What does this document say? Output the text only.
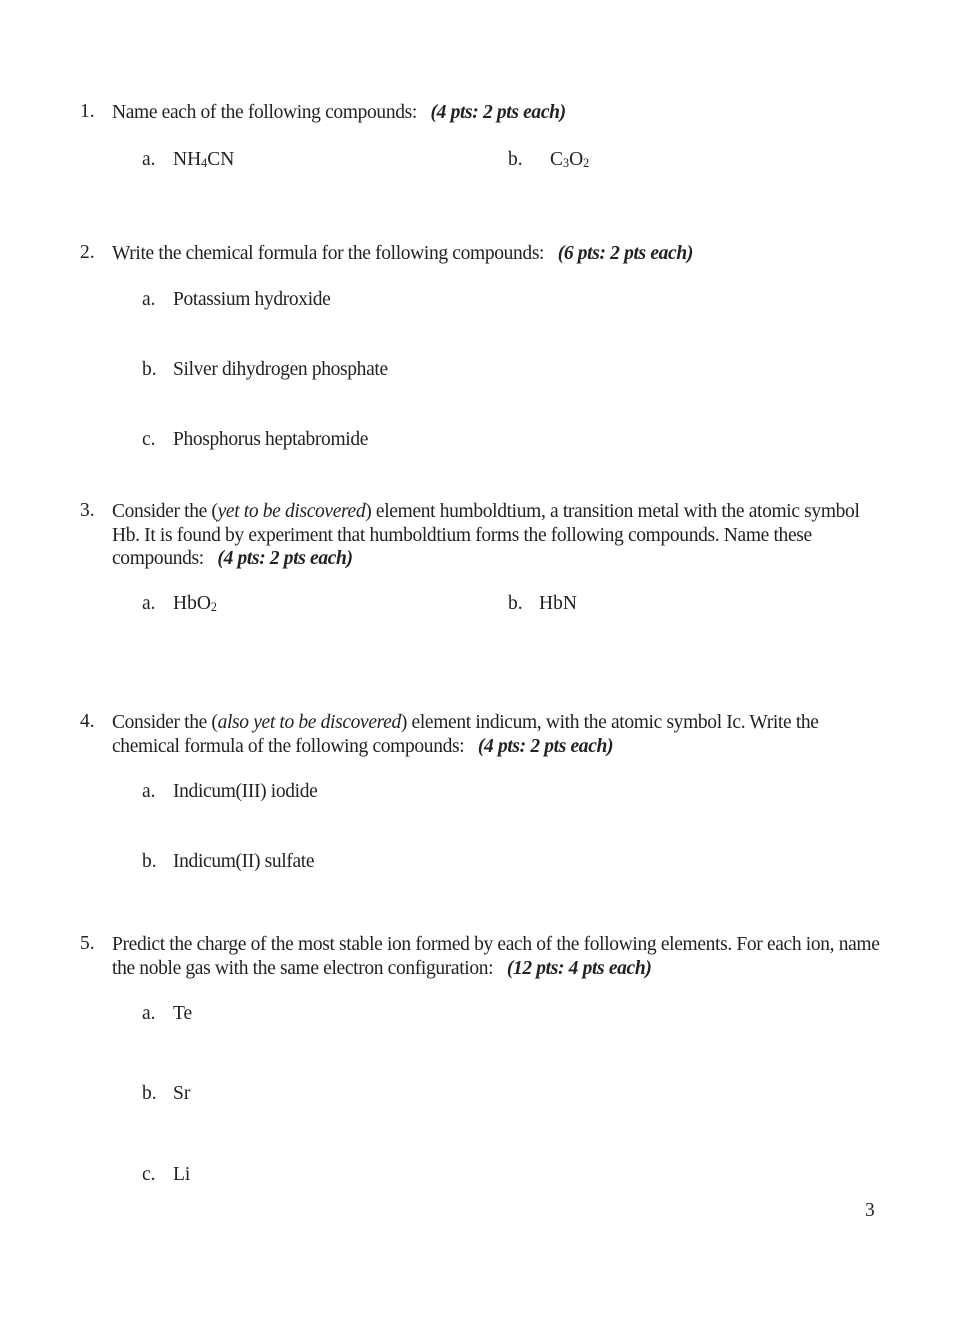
1. Name each of the following compounds: (4 pts: 2 pts each)
a. $NH_4CN$	b. $C_3O_2$
2. Write the chemical formula for the following compounds: (6 pts: 2 pts each)
a. Potassium hydroxide
b. Silver dihydrogen phosphate
c. Phosphorus heptabromide
3. Consider the (yet to be discovered) element humboldtium, a transition metal with the atomic symbol Hb. It is found by experiment that humboldtium forms the following compounds. Name these compounds: (4 pts: 2 pts each)
a. HbO$_2$	b. HbN
4. Consider the (also yet to be discovered) element indicum, with the atomic symbol Ic. Write the chemical formula of the following compounds: (4 pts: 2 pts each)
a. Indicum(III) iodide
b. Indicum(II) sulfate
5. Predict the charge of the most stable ion formed by each of the following elements. For each ion, name the noble gas with the same electron configuration: (12 pts: 4 pts each)
a. Te
b. Sr
c. Li
3
